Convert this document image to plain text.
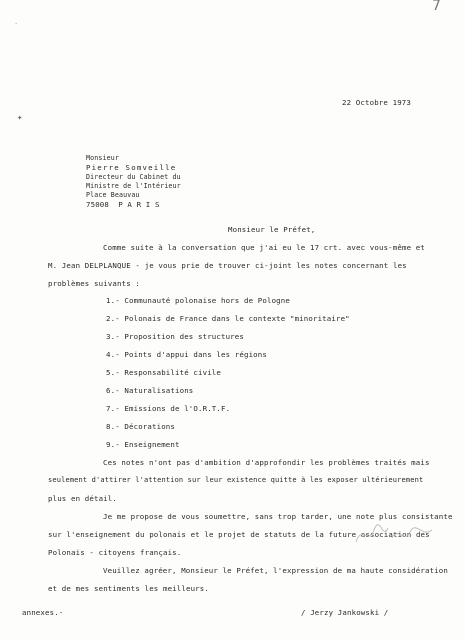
7
·
✦
22 Octobre 1973
Monsieur
Pierre Somveille
Directeur du Cabinet du
Ministre de l'Intérieur
Place Beauvau
75008  P A R I S
Monsieur le Préfet,
Comme suite à la conversation que j'ai eu le 17 crt. avec vous-même et
M. Jean DELPLANQUE - je vous prie de trouver ci-joint les notes concernant les
problèmes suivants :
1.- Communauté polonaise hors de Pologne
2.- Polonais de France dans le contexte "minoritaire"
3.- Proposition des structures
4.- Points d'appui dans les régions
5.- Responsabilité civile
6.- Naturalisations
7.- Emissions de l'O.R.T.F.
8.- Décorations
9.- Enseignement
Ces notes n'ont pas d'ambition d'approfondir les problèmes traités mais
seulement d'attirer l'attention sur leur existence quitte à les exposer ultérieurement
plus en détail.
Je me propose de vous soumettre, sans trop tarder, une note plus consistante
sur l'enseignement du polonais et le projet de statuts de la future association des
Polonais - citoyens français.
Veuillez agréer, Monsieur le Préfet, l'expression de ma haute considération
et de mes sentiments les meilleurs.
annexes.-	/ Jerzy Jankowski /
